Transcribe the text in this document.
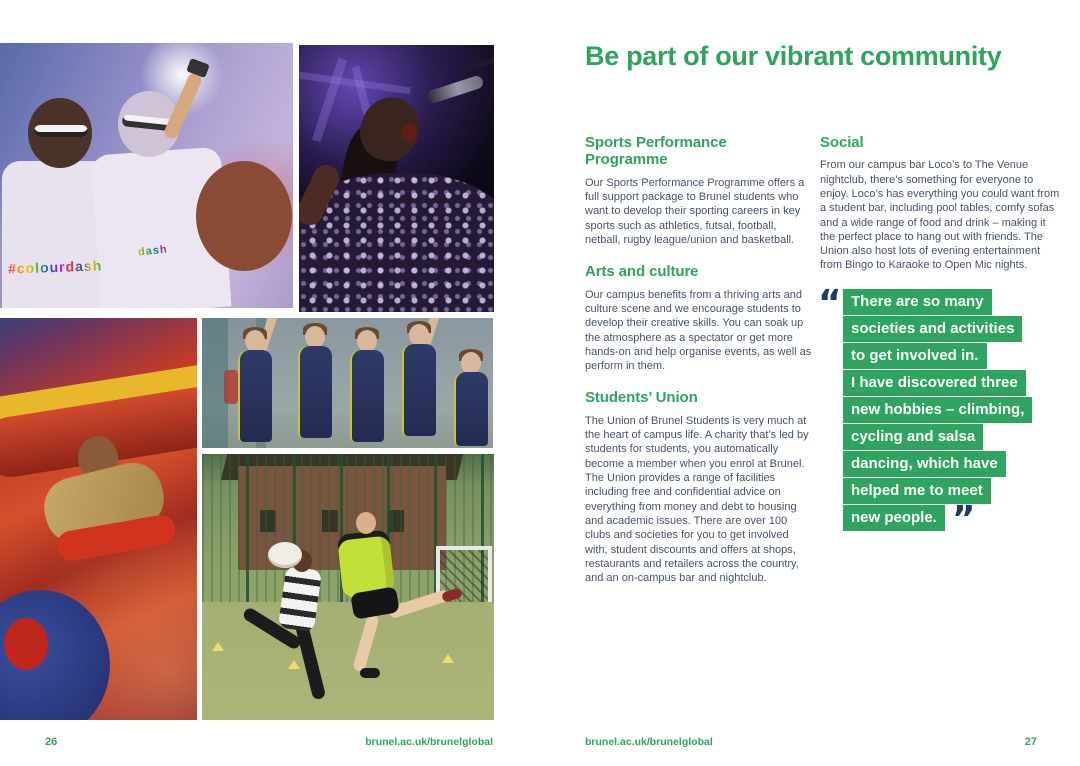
#colourdash
dash
26	brunel.ac.uk/brunelglobal
Be part of our vibrant community
Sports Performance Programme

Our Sports Performance Programme offers a full support package to Brunel students who want to develop their sporting careers in key sports such as athletics, futsal, football, netball, rugby league/union and basketball.

Arts and culture

Our campus benefits from a thriving arts and culture scene and we encourage students to develop their creative skills. You can soak up the atmosphere as a spectator or get more hands-on and help organise events, as well as perform in them.

Students’ Union

The Union of Brunel Students is very much at the heart of campus life. A charity that’s led by students for students, you automatically become a member when you enrol at Brunel. The Union provides a range of facilities including free and confidential advice on everything from money and debt to housing and academic issues. There are over 100 clubs and societies for you to get involved with, student discounts and offers at shops, restaurants and retailers across the country, and an on-campus bar and nightclub.

Social

From our campus bar Loco’s to The Venue nightclub, there’s something for everyone to enjoy. Loco’s has everything you could want from a student bar, including pool tables, comfy sofas and a wide range of food and drink – making it the perfect place to hang out with friends. The Union also host lots of evening entertainment from Bingo to Karaoke to Open Mic nights.

“ There are so many
societies and activities
to get involved in.
I have discovered three
new hobbies – climbing,
cycling and salsa
dancing, which have
helped me to meet
new people. ”
brunel.ac.uk/brunelglobal	27
